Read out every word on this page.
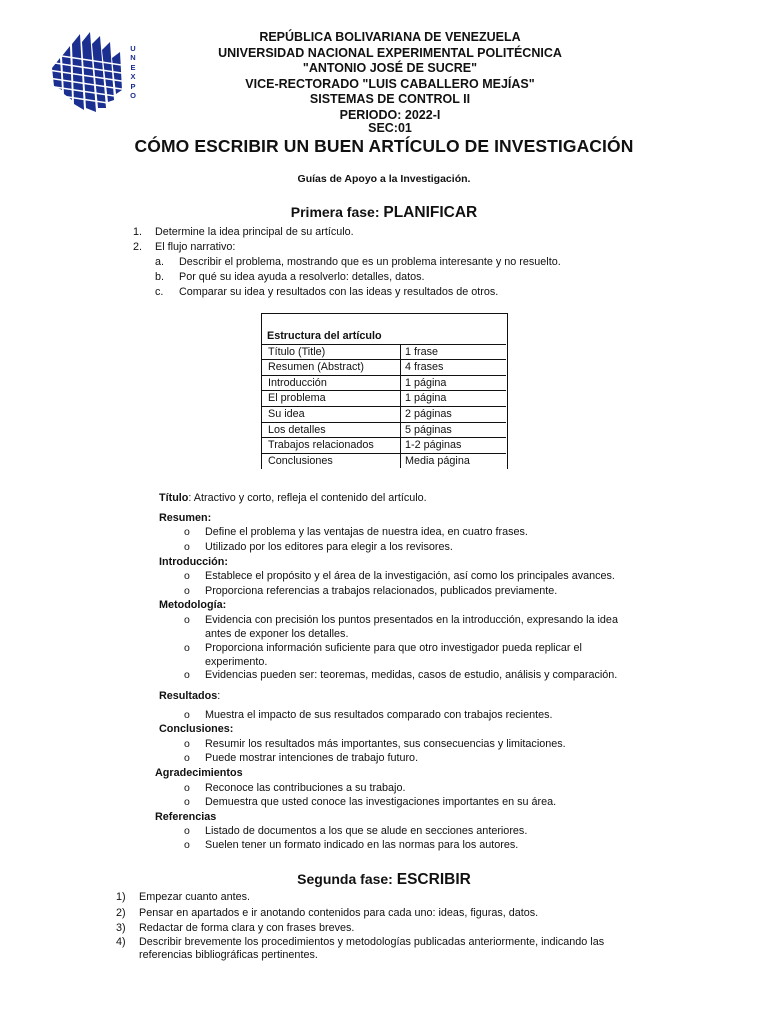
U
N
E
X
P
O
REPÚBLICA BOLIVARIANA DE VENEZUELA
UNIVERSIDAD NACIONAL EXPERIMENTAL POLITÉCNICA
"ANTONIO JOSÉ DE SUCRE"
VICE-RECTORADO "LUIS CABALLERO MEJÍAS"
SISTEMAS DE CONTROL II
PERIODO: 2022-I
SEC:01
CÓMO ESCRIBIR UN BUEN ARTÍCULO DE INVESTIGACIÓN
Guías de Apoyo a la Investigación.
Primera fase: PLANIFICAR
1. Determine la idea principal de su artículo.
2. El flujo narrativo:
a. Describir el problema, mostrando que es un problema interesante y no resuelto.
b. Por qué su idea ayuda a resolverlo: detalles, datos.
c. Comparar su idea y resultados con las ideas y resultados de otros.
Estructura del artículo
Título (Title)	1 frase
Resumen (Abstract)	4 frases
Introducción	1 página
El problema	1 página
Su idea	2 páginas
Los detalles	5 páginas
Trabajos relacionados	1-2 páginas
Conclusiones	Media página
Título: Atractivo y corto, refleja el contenido del artículo.
Resumen:
o Define el problema y las ventajas de nuestra idea, en cuatro frases.
o Utilizado por los editores para elegir a los revisores.
Introducción:
o Establece el propósito y el área de la investigación, así como los principales avances.
o Proporciona referencias a trabajos relacionados, publicados previamente.
Metodología:
o Evidencia con precisión los puntos presentados en la introducción, expresando la idea
antes de exponer los detalles.
o Proporciona información suficiente para que otro investigador pueda replicar el
experimento.
o Evidencias pueden ser: teoremas, medidas, casos de estudio, análisis y comparación.
Resultados:
o Muestra el impacto de sus resultados comparado con trabajos recientes.
Conclusiones:
o Resumir los resultados más importantes, sus consecuencias y limitaciones.
o Puede mostrar intenciones de trabajo futuro.
Agradecimientos
o Reconoce las contribuciones a su trabajo.
o Demuestra que usted conoce las investigaciones importantes en su área.
Referencias
o Listado de documentos a los que se alude en secciones anteriores.
o Suelen tener un formato indicado en las normas para los autores.
Segunda fase: ESCRIBIR
1) Empezar cuanto antes.
2) Pensar en apartados e ir anotando contenidos para cada uno: ideas, figuras, datos.
3) Redactar de forma clara y con frases breves.
4) Describir brevemente los procedimientos y metodologías publicadas anteriormente, indicando las
referencias bibliográficas pertinentes.
